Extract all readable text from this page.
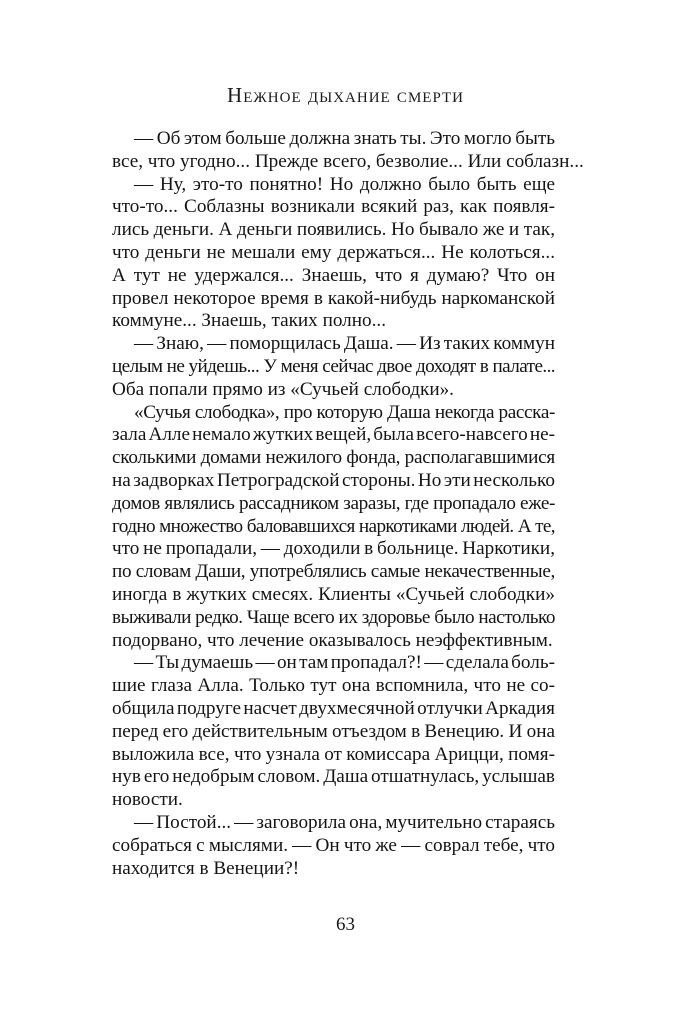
Нежное дыхание смерти
— Об этом больше должна знать ты. Это могло быть
все, что угодно... Прежде всего, безволие... Или соблазн...
— Ну, это-то понятно! Но должно было быть еще
что-то... Соблазны возникали всякий раз, как появля-
лись деньги. А деньги появились. Но бывало же и так,
что деньги не мешали ему держаться... Не колоться...
А тут не удержался... Знаешь, что я думаю? Что он
провел некоторое время в какой-нибудь наркоманской
коммуне... Знаешь, таких полно...
— Знаю, — поморщилась Даша. — Из таких коммун
целым не уйдешь... У меня сейчас двое доходят в палате...
Оба попали прямо из «Сучьей слободки».
«Сучья слободка», про которую Даша некогда расска-
зала Алле немало жутких вещей, была всего-навсего не-
сколькими домами нежилого фонда, располагавшимися
на задворках Петроградской стороны. Но эти несколько
домов являлись рассадником заразы, где пропадало еже-
годно множество баловавшихся наркотиками людей. А те,
что не пропадали, — доходили в больнице. Наркотики,
по словам Даши, употреблялись самые некачественные,
иногда в жутких смесях. Клиенты «Сучьей слободки»
выживали редко. Чаще всего их здоровье было настолько
подорвано, что лечение оказывалось неэффективным.
— Ты думаешь — он там пропадал?! — сделала боль-
шие глаза Алла. Только тут она вспомнила, что не со-
общила подруге насчет двухмесячной отлучки Аркадия
перед его действительным отъездом в Венецию. И она
выложила все, что узнала от комиссара Арицци, помя-
нув его недобрым словом. Даша отшатнулась, услышав
новости.
— Постой... — заговорила она, мучительно стараясь
собраться с мыслями. — Он что же — соврал тебе, что
находится в Венеции?!
63
